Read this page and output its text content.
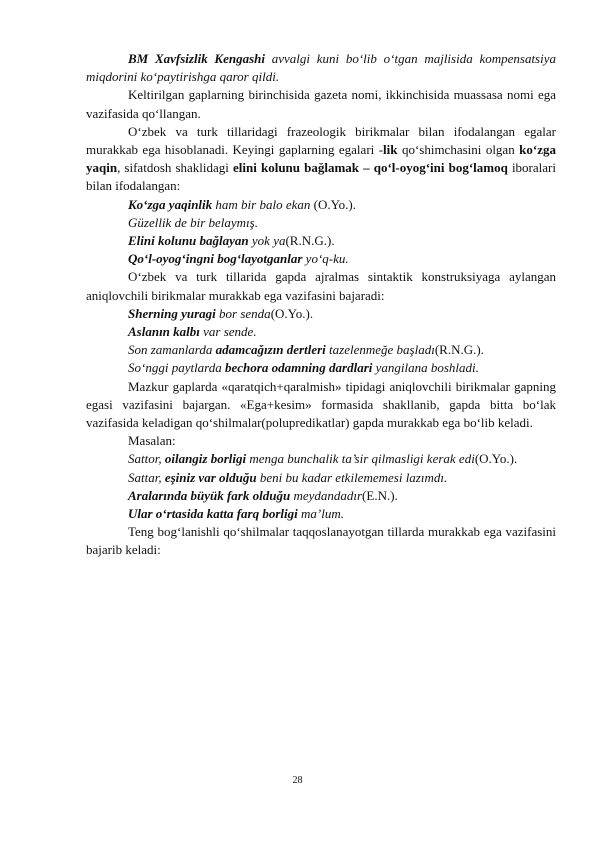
BM Xavfsizlik Kengashi avvalgi kuni bo‘lib o‘tgan majlisida kompensatsiya miqdorini ko‘paytirishga qaror qildi.

Keltirilgan gaplarning birinchisida gazeta nomi, ikkinchisida muassasa nomi ega vazifasida qo‘llangan.

O‘zbek va turk tillaridagi frazeologik birikmalar bilan ifodalangan egalar murakkab ega hisoblanadi. Keyingi gaplarning egalari -lik qo‘shimchasini olgan ko‘zga yaqin, sifatdosh shaklidagi elini kolunu bağlamak – qo‘l-oyog‘ini bog‘lamoq iboralari bilan ifodalangan:

Ko‘zga yaqinlik ham bir balo ekan (O.Yo.).

Güzellik de bir belaymış.

Elini kolunu bağlayan yok ya(R.N.G.).

Qo‘l-oyog‘ingni bog‘layotganlar yo‘q-ku.

O‘zbek va turk tillarida gapda ajralmas sintaktik konstruksiyaga aylangan aniqlovchili birikmalar murakkab ega vazifasini bajaradi:

Sherning yuragi bor senda(O.Yo.).

Aslanın kalbı var sende.

Son zamanlarda adamcağızın dertleri tazelenmeğe başladı(R.N.G.).

So‘nggi paytlarda bechora odamning dardlari yangilana boshladi.

Mazkur gaplarda «qaratqich+qaralmish» tipidagi aniqlovchili birikmalar gapning egasi vazifasini bajargan. «Ega+kesim» formasida shakllanib, gapda bitta bo‘lak vazifasida keladigan qo‘shilmalar(polupredikatlar) gapda murakkab ega bo‘lib keladi.

Masalan:

Sattor, oilangiz borligi menga bunchalik ta’sir qilmasligi kerak edi(O.Yo.).

Sattar, eşiniz var olduğu beni bu kadar etkilememesi lazımdı.

Aralarında büyük fark olduğu meydandadır(E.N.).

Ular o‘rtasida katta farq borligi ma’lum.

Teng bog‘lanishli qo‘shilmalar taqqoslanayotgan tillarda murakkab ega vazifasini bajarib keladi:

28
